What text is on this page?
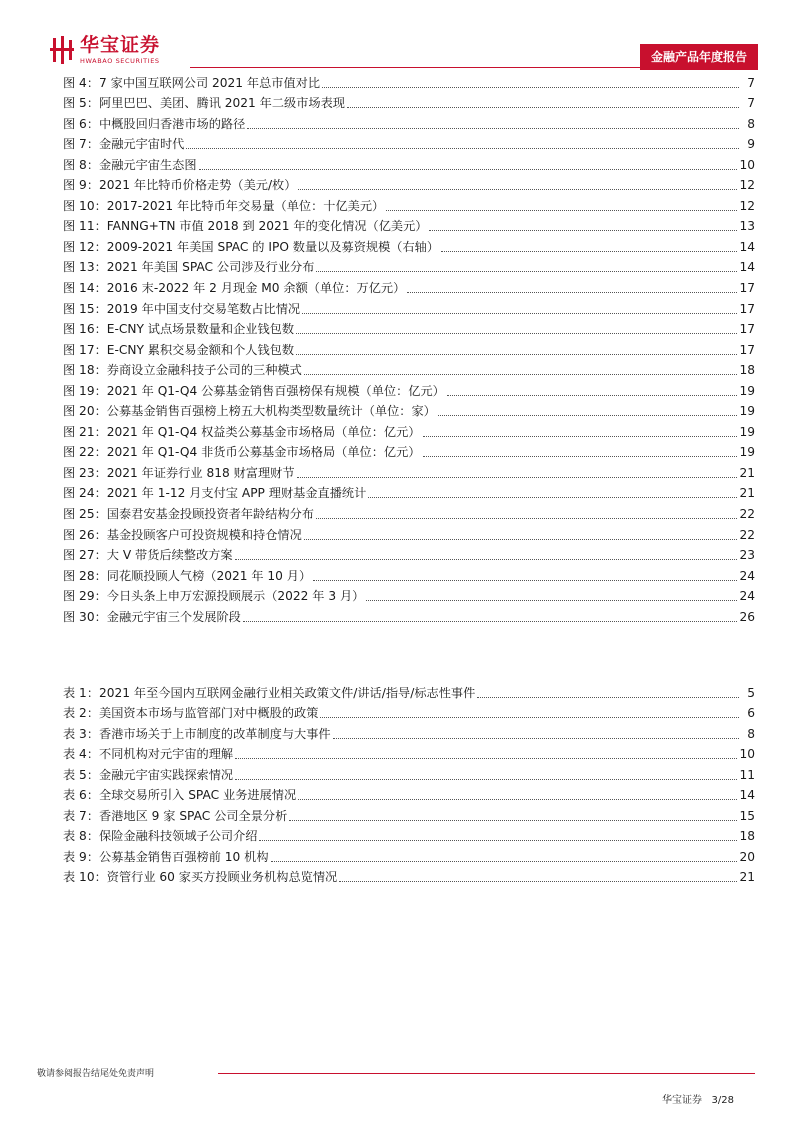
华宝证券
HWABAO SECURITIES	金融产品年度报告
图 4：7 家中国互联网公司 2021 年总市值对比	7
图 5：阿里巴巴、美团、腾讯 2021 年二级市场表现	7
图 6：中概股回归香港市场的路径	8
图 7：金融元宇宙时代	9
图 8：金融元宇宙生态图	10
图 9：2021 年比特币价格走势（美元/枚）	12
图 10：2017-2021 年比特币年交易量（单位：十亿美元）	12
图 11：FANNG+TN 市值 2018 到 2021 年的变化情况（亿美元）	13
图 12：2009-2021 年美国 SPAC 的 IPO 数量以及募资规模（右轴）	14
图 13：2021 年美国 SPAC 公司涉及行业分布	14
图 14：2016 末-2022 年 2 月现金 M0 余额（单位：万亿元）	17
图 15：2019 年中国支付交易笔数占比情况	17
图 16：E-CNY 试点场景数量和企业钱包数	17
图 17：E-CNY 累积交易金额和个人钱包数	17
图 18：券商设立金融科技子公司的三种模式	18
图 19：2021 年 Q1-Q4 公募基金销售百强榜保有规模（单位：亿元）	19
图 20：公募基金销售百强榜上榜五大机构类型数量统计（单位：家）	19
图 21：2021 年 Q1-Q4 权益类公募基金市场格局（单位：亿元）	19
图 22：2021 年 Q1-Q4 非货币公募基金市场格局（单位：亿元）	19
图 23：2021 年证券行业 818 财富理财节	21
图 24：2021 年 1-12 月支付宝 APP 理财基金直播统计	21
图 25：国泰君安基金投顾投资者年龄结构分布	22
图 26：基金投顾客户可投资规模和持仓情况	22
图 27：大 V 带货后续整改方案	23
图 28：同花顺投顾人气榜（2021 年 10 月）	24
图 29：今日头条上申万宏源投顾展示（2022 年 3 月）	24
图 30：金融元宇宙三个发展阶段	26
表 1：2021 年至今国内互联网金融行业相关政策文件/讲话/指导/标志性事件	5
表 2：美国资本市场与监管部门对中概股的政策	6
表 3：香港市场关于上市制度的改革制度与大事件	8
表 4：不同机构对元宇宙的理解	10
表 5：金融元宇宙实践探索情况	11
表 6：全球交易所引入 SPAC 业务进展情况	14
表 7：香港地区 9 家 SPAC 公司全景分析	15
表 8：保险金融科技领域子公司介绍	18
表 9：公募基金销售百强榜前 10 机构	20
表 10：资管行业 60 家买方投顾业务机构总览情况	21
敬请参阅报告结尾处免责声明
华宝证券 3/28
